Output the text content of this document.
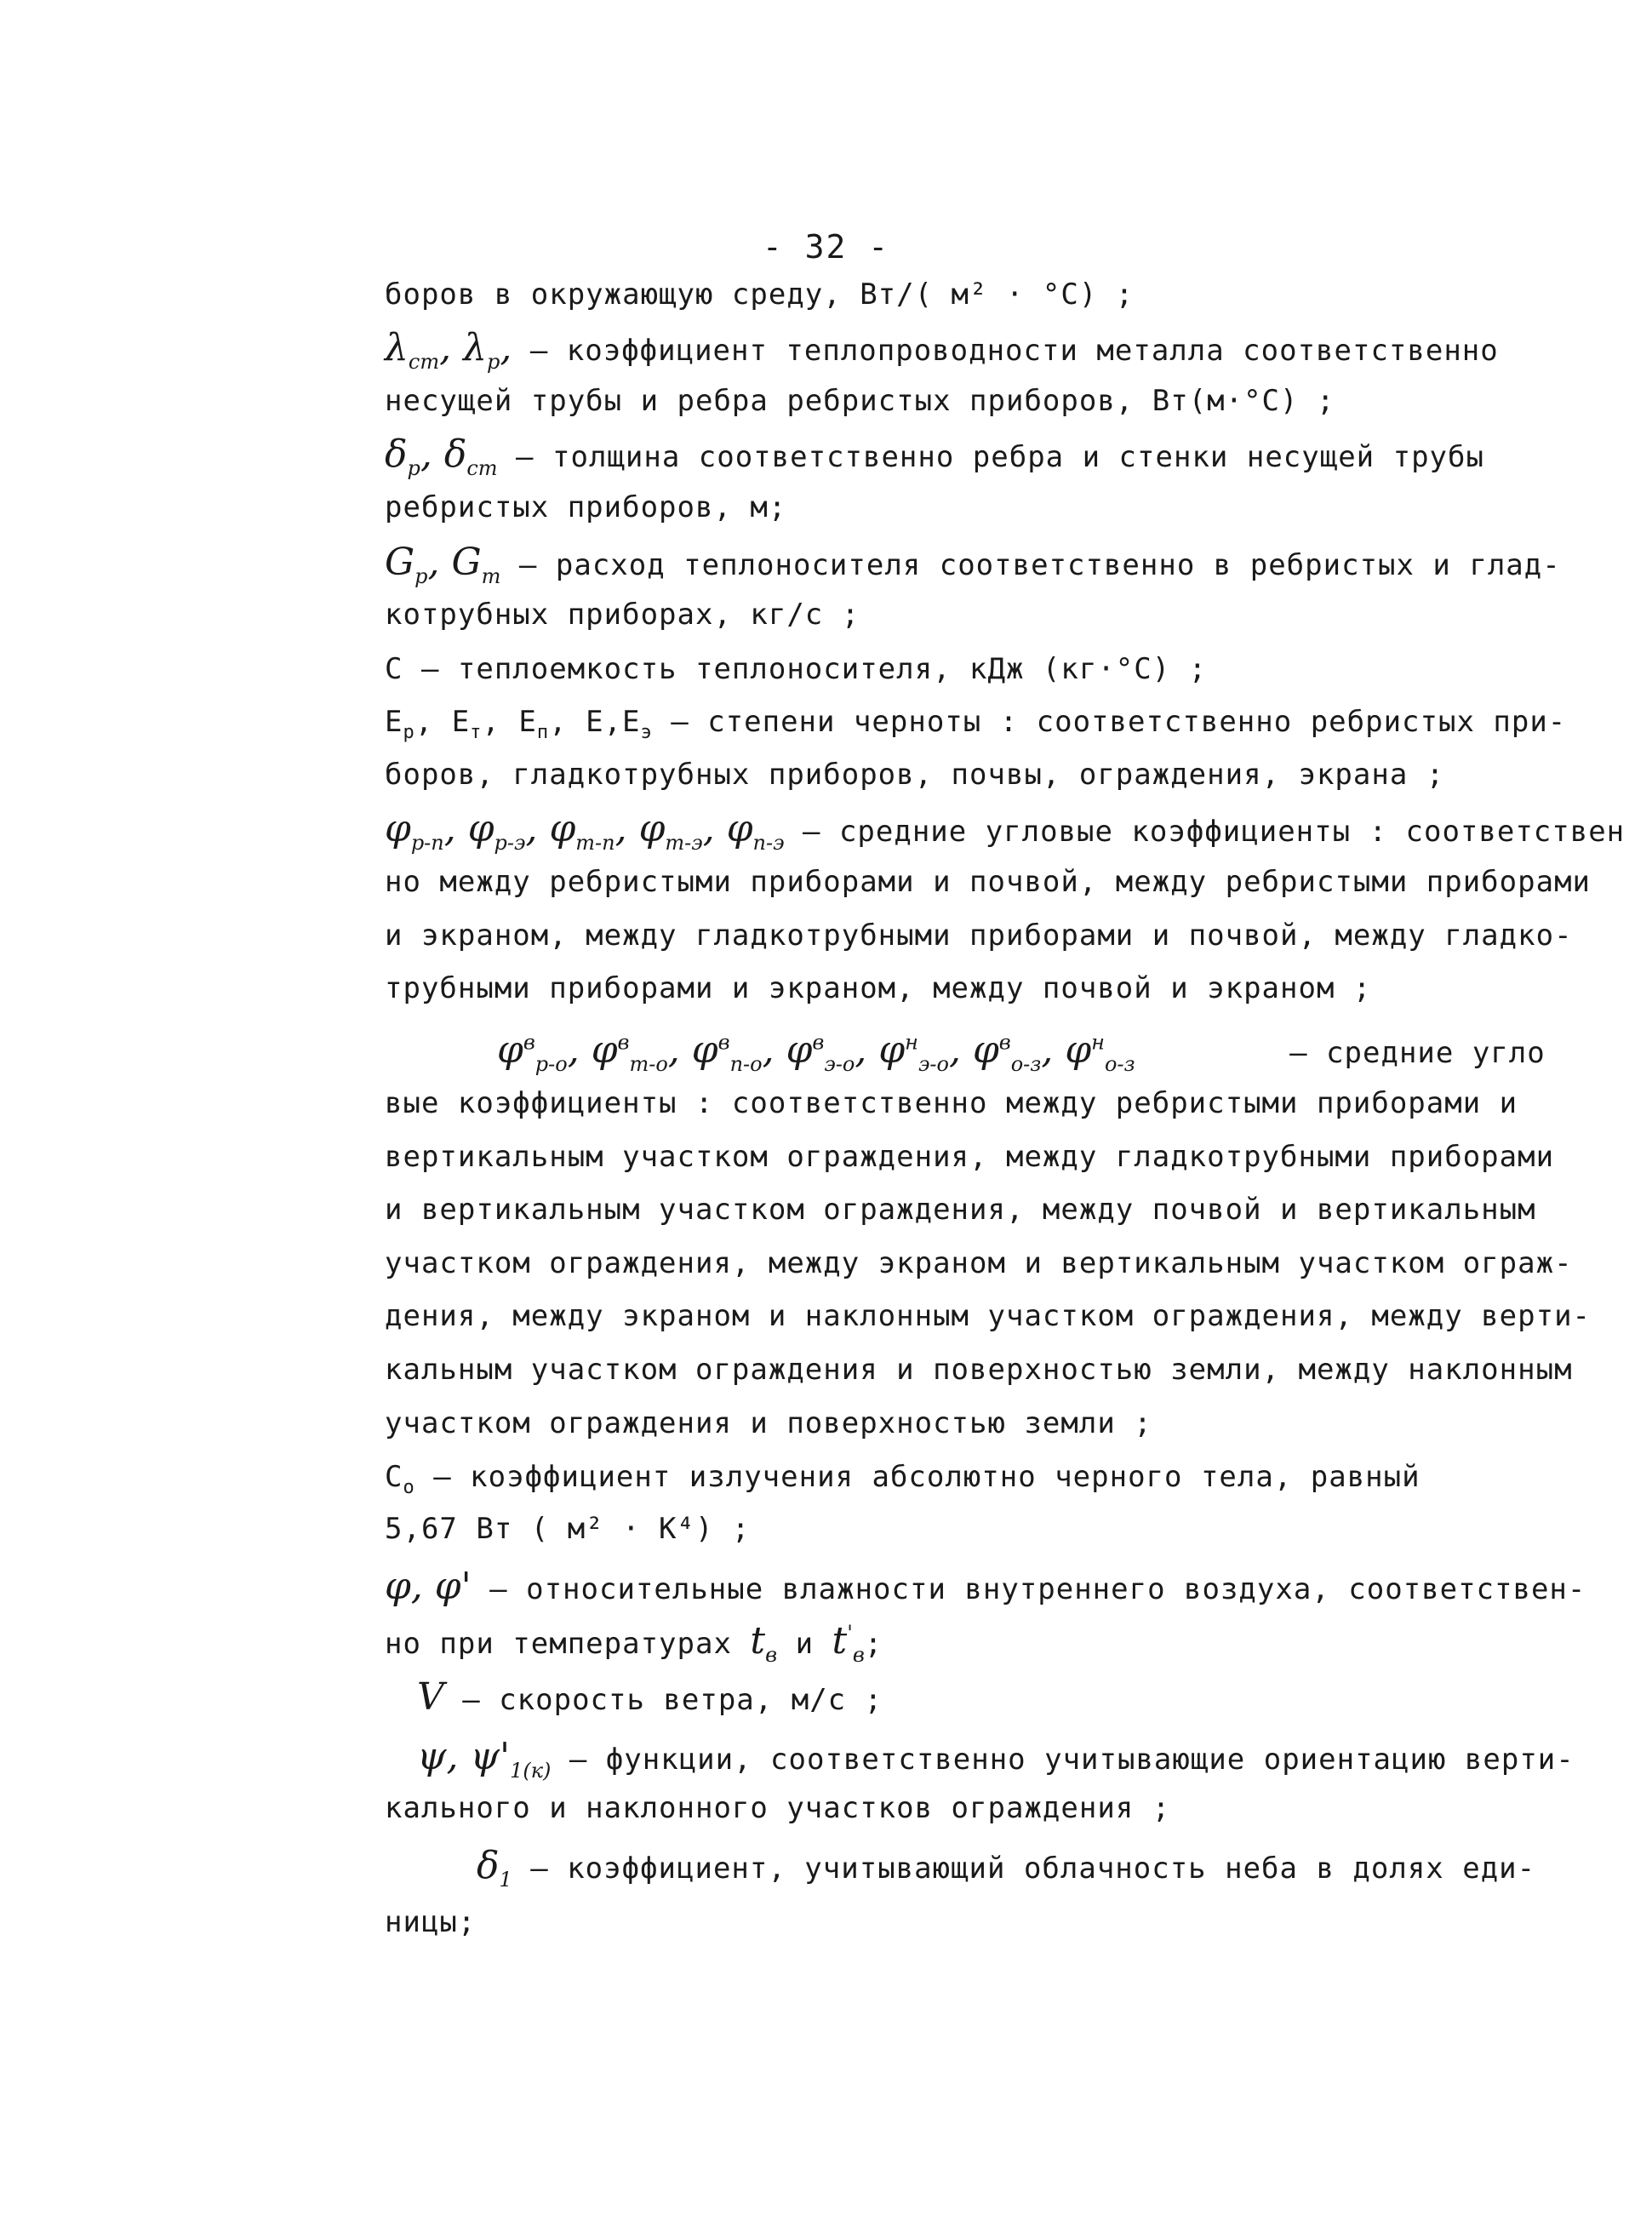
- 32 -
боров в окружающую среду, Вт/( м² · °С) ;
$\lambda_{ст}$, $\lambda_р$, – коэффициент теплопроводности металла соответственно
несущей трубы и ребра ребристых приборов, Вт(м·°С) ;
$\delta_р$, $\delta_{ст}$ – толщина соответственно ребра и стенки несущей трубы
ребристых приборов, м;
$G_р$, $G_т$ – расход теплоносителя соответственно в ребристых и глад-
котрубных приборах, кг/с ;
С – теплоемкость теплоносителя, кДж (кг·°С) ;
$Е_р$, $Е_т$, $Е_п$, $Е,Е_э$ – степени черноты : соответственно ребристых при-
боров, гладкотрубных приборов, почвы, ограждения, экрана ;
$\varphi_{р-п}$, $\varphi_{р-э}$, $\varphi_{т-п}$, $\varphi_{т-э}$, $\varphi_{п-э}$ – средние угловые коэффициенты : соответствен
но между ребристыми приборами и почвой, между ребристыми приборами
и экраном, между гладкотрубными приборами и почвой, между гладко-
трубными приборами и экраном, между почвой и экраном ;
$\varphi^в_{р-о}$, $\varphi^в_{т-о}$, $\varphi^в_{п-о}$, $\varphi^в_{э-о}$, $\varphi^н_{э-о}$, $\varphi^в_{о-з}$, $\varphi^н_{о-з}$	– средние угло
вые коэффициенты : соответственно между ребристыми приборами и
вертикальным участком ограждения, между гладкотрубными приборами
и вертикальным участком ограждения, между почвой и вертикальным
участком ограждения, между экраном и вертикальным участком ограж-
дения, между экраном и наклонным участком ограждения, между верти-
кальным участком ограждения и поверхностью земли, между наклонным
участком ограждения и поверхностью земли ;
$С_о$ – коэффициент излучения абсолютно черного тела, равный
5,67 Вт ( м² · K⁴) ;
φ, φ' – относительные влажности внутреннего воздуха, соответствен-
но при температурах $t_в$ и $t'_в$;
V – скорость ветра, м/с ;
ψ, $\psi'_{1(к)}$ – функции, соответственно учитывающие ориентацию верти-
кального и наклонного участков ограждения ;
$\delta_1$ – коэффициент, учитывающий облачность неба в долях еди-
ницы;
